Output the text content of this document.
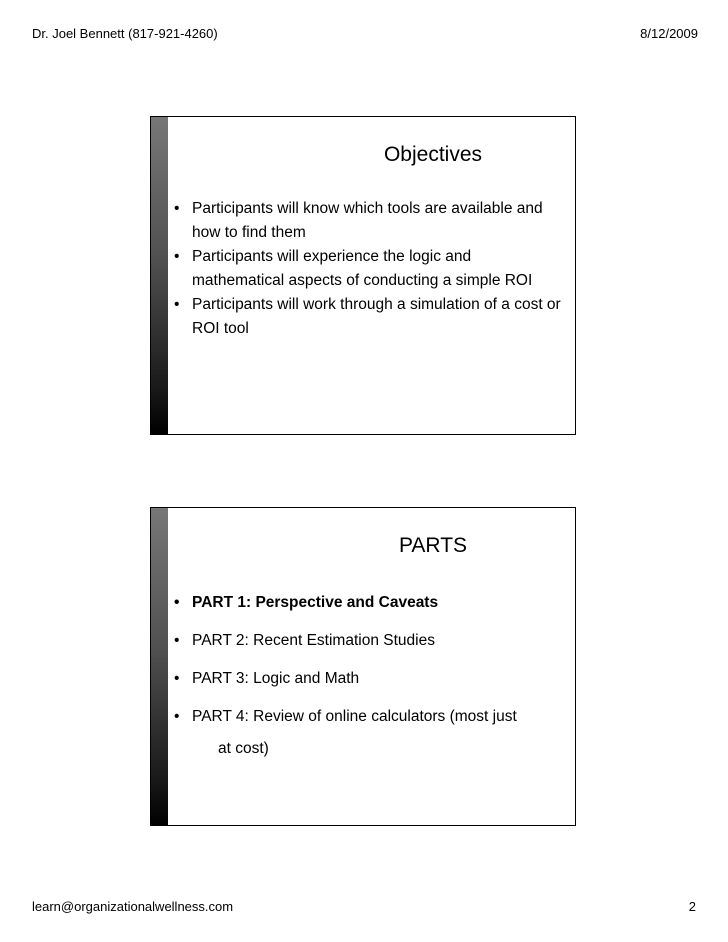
Dr. Joel Bennett (817-921-4260)	8/12/2009
Objectives
• Participants will know which tools are available and how to find them
• Participants will experience the logic and mathematical aspects of conducting a simple ROI
• Participants will work through a simulation of a cost or ROI tool
PARTS
• PART 1: Perspective and Caveats
• PART 2: Recent Estimation Studies
• PART 3: Logic and Math
• PART 4: Review of online calculators (most just
at cost)
learn@organizationalwellness.com	2
